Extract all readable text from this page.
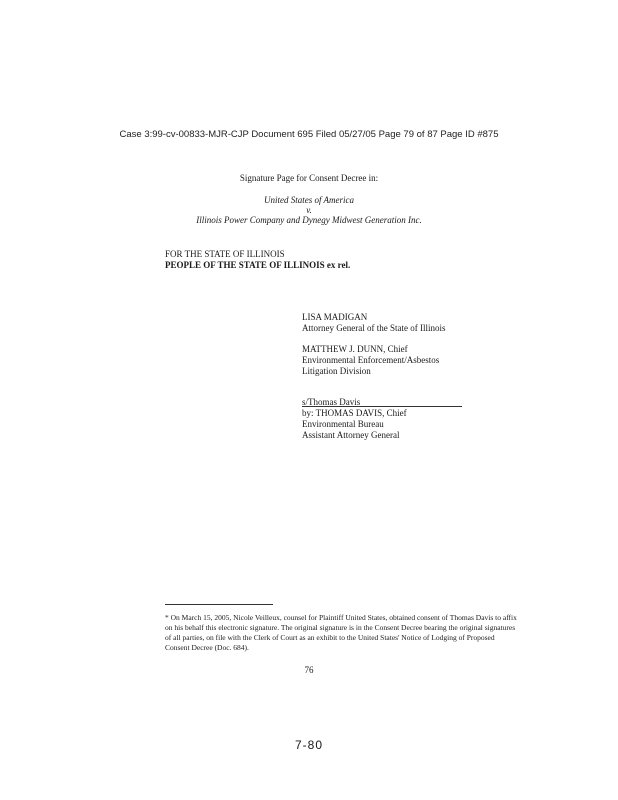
Case 3:99-cv-00833-MJR-CJP Document 695 Filed 05/27/05 Page 79 of 87 Page ID #875
Signature Page for Consent Decree in:
United States of America
v.
Illinois Power Company and Dynegy Midwest Generation Inc.
FOR THE STATE OF ILLINOIS
PEOPLE OF THE STATE OF ILLINOIS ex rel.
LISA MADIGAN
Attorney General of the State of Illinois
MATTHEW J. DUNN, Chief
Environmental Enforcement/Asbestos
Litigation Division
s/Thomas Davis
by: THOMAS DAVIS, Chief
Environmental Bureau
Assistant Attorney General
* On March 15, 2005, Nicole Veilleux, counsel for Plaintiff United States, obtained consent of Thomas Davis to affix on his behalf this electronic signature. The original signature is in the Consent Decree bearing the original signatures of all parties, on file with the Clerk of Court as an exhibit to the United States' Notice of Lodging of Proposed Consent Decree (Doc. 684).
76
7-80
